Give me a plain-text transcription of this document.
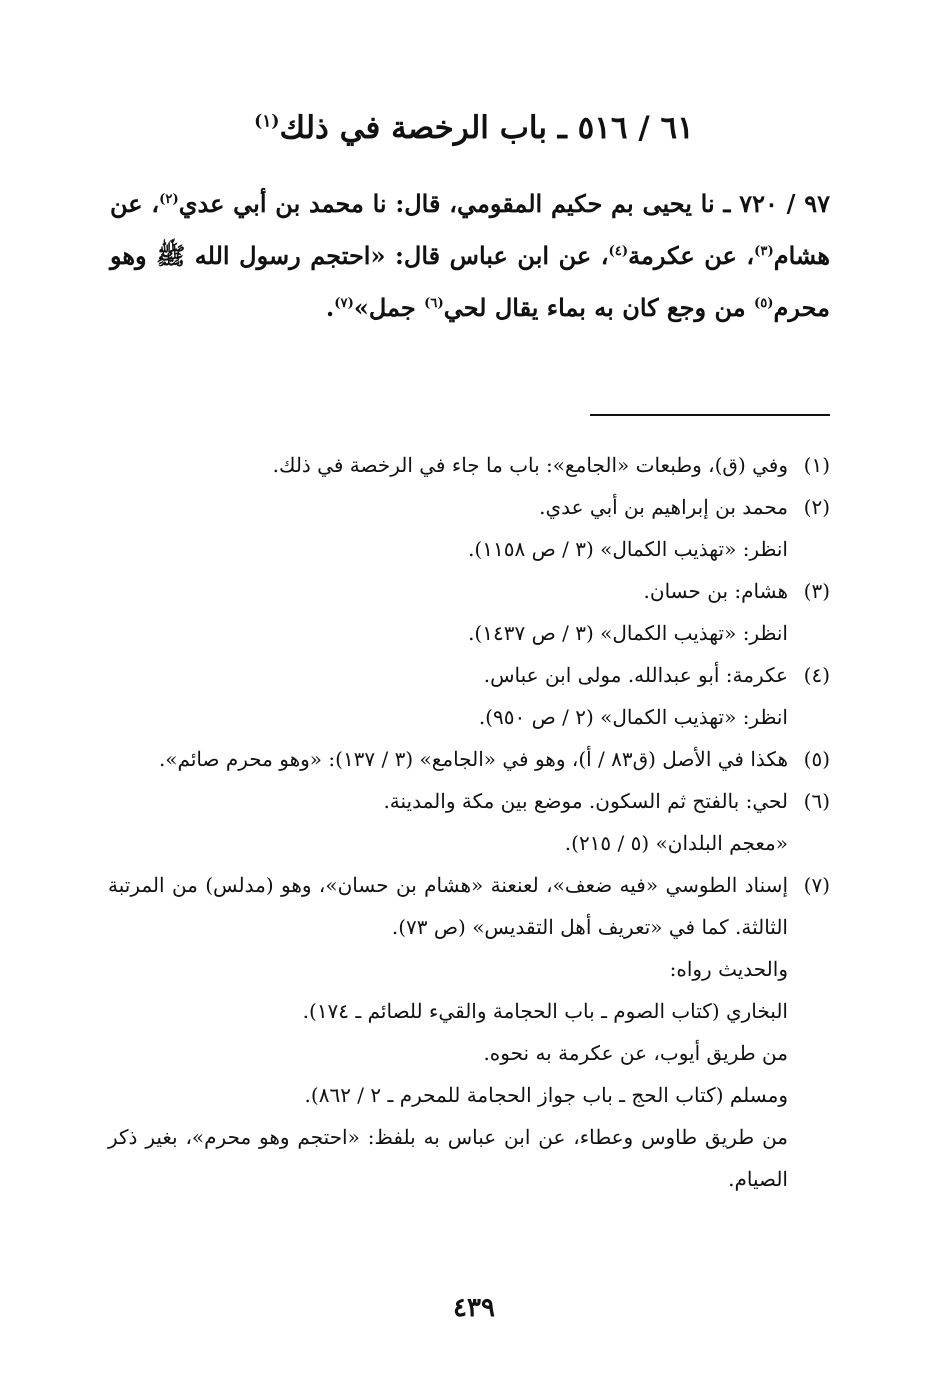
٦١ / ٥١٦ ـ باب الرخصة في ذلك$^{(١)}$
٩٧ / ٧٢٠ ـ نا يحيى بم حكيم المقومي، قال: نا محمد بن أبي عدي$^{(٢)}$، عن هشام$^{(٣)}$، عن عكرمة$^{(٤)}$، عن ابن عباس قال: «احتجم رسول الله ﷺ وهو محرم$^{(٥)}$ من وجع كان به بماء يقال لحي$^{(٦)}$ جمل»$^{(٧)}$.
(١)
وفي (ق)، وطبعات «الجامع»: باب ما جاء في الرخصة في ذلك.
(٢)
محمد بن إبراهيم بن أبي عدي.
انظر: «تهذيب الكمال» (٣ / ص ١١٥٨).
(٣)
هشام: بن حسان.
انظر: «تهذيب الكمال» (٣ / ص ١٤٣٧).
(٤)
عكرمة: أبو عبدالله. مولى ابن عباس.
انظر: «تهذيب الكمال» (٢ / ص ٩٥٠).
(٥)
هكذا في الأصل (ق٨٣ / أ)، وهو في «الجامع» (٣ / ١٣٧): «وهو محرم صائم».
(٦)
لحي: بالفتح ثم السكون. موضع بين مكة والمدينة.
«معجم البلدان» (٥ / ٢١٥).
(٧)
إسناد الطوسي «فيه ضعف»، لعنعنة «هشام بن حسان»، وهو (مدلس) من المرتبة الثالثة. كما في «تعريف أهل التقديس» (ص ٧٣).
والحديث رواه:
البخاري (كتاب الصوم ـ باب الحجامة والقيء للصائم ـ ١٧٤).
من طريق أيوب، عن عكرمة به نحوه.
ومسلم (كتاب الحج ـ باب جواز الحجامة للمحرم ـ ٢ / ٨٦٢).
من طريق طاوس وعطاء، عن ابن عباس به بلفظ: «احتجم وهو محرم»، بغير ذكر الصيام.
٤٣٩
